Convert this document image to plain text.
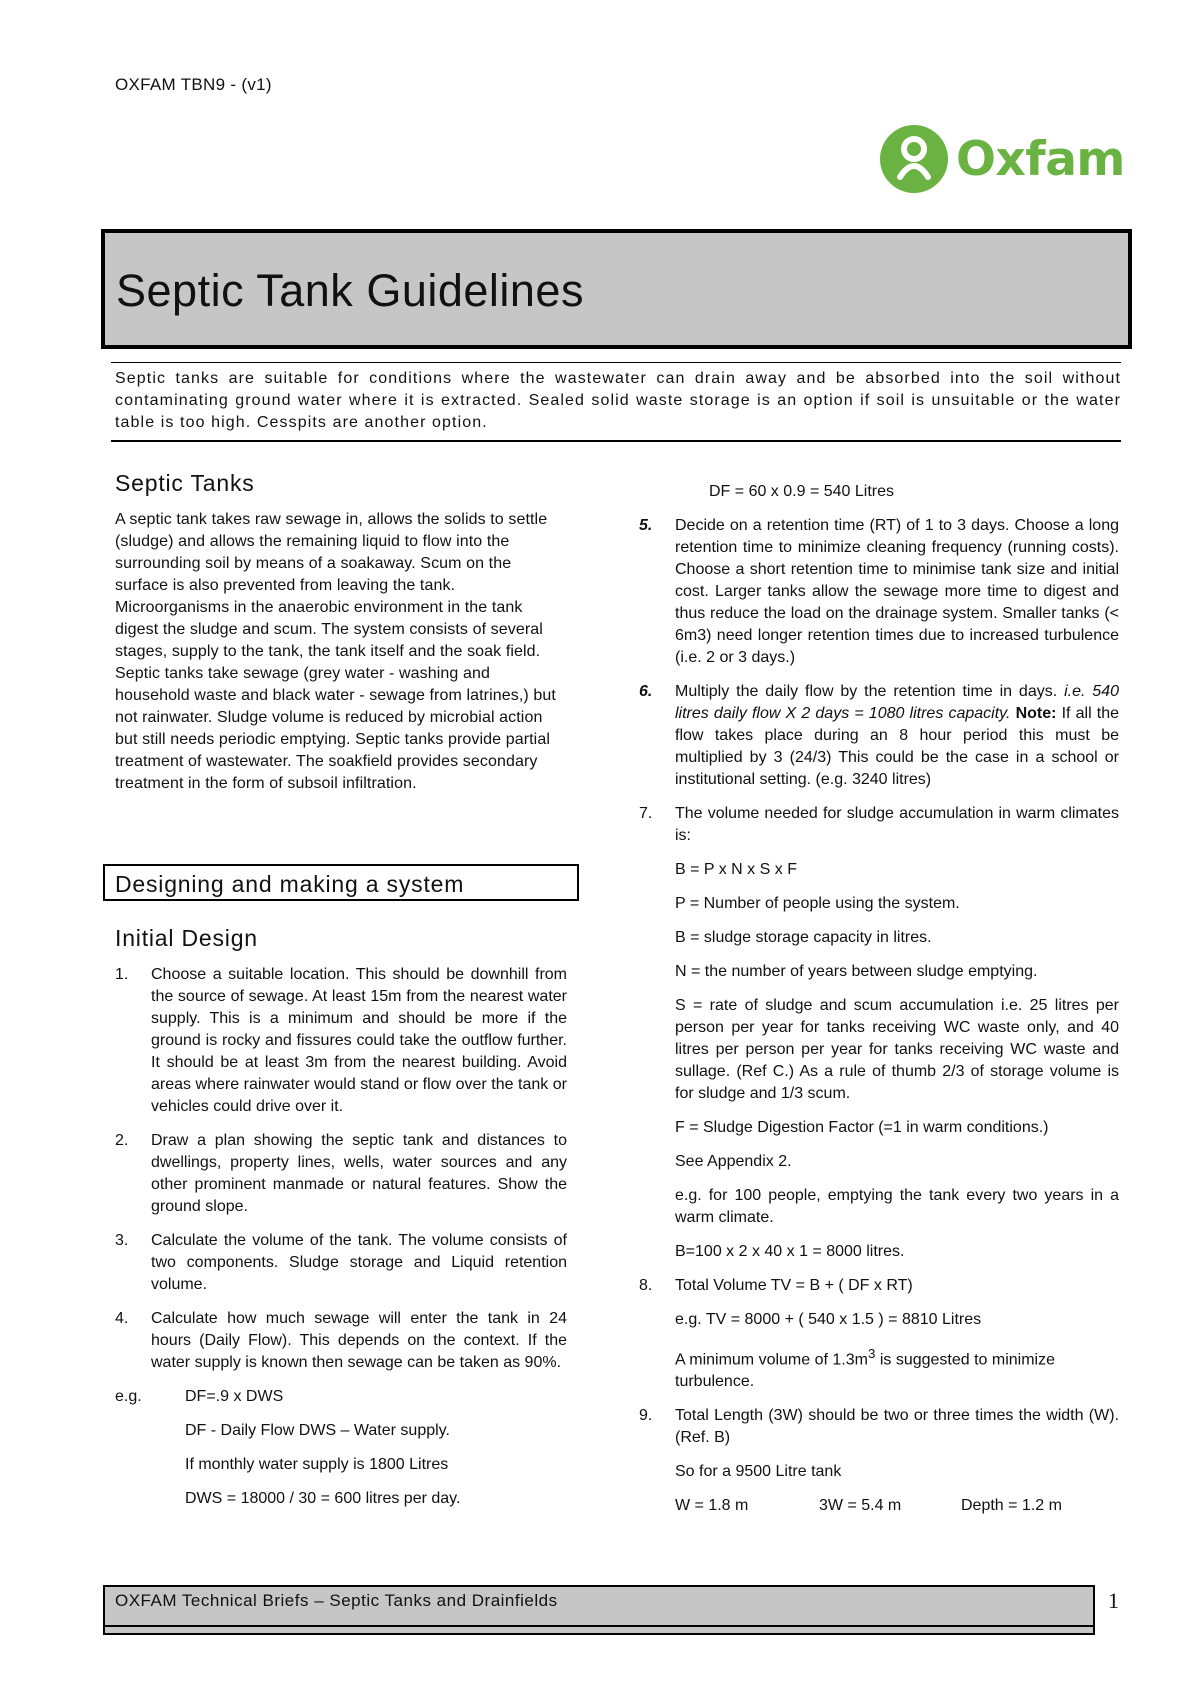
OXFAM TBN9 - (v1)
Oxfam
Septic Tank Guidelines
Septic tanks are suitable for conditions where the wastewater can drain away and be absorbed into the soil without contaminating ground water where it is extracted. Sealed solid waste storage is an option if soil is unsuitable or the water table is too high. Cesspits are another option.
Septic Tanks
A septic tank takes raw sewage in, allows the solids to settle (sludge) and allows the remaining liquid to flow into the surrounding soil by means of a soakaway. Scum on the surface is also prevented from leaving the tank. Microorganisms in the anaerobic environment in the tank digest the sludge and scum. The system consists of several stages, supply to the tank, the tank itself and the soak field. Septic tanks take sewage (grey water - washing and household waste and black water - sewage from latrines,) but not rainwater. Sludge volume is reduced by microbial action but still needs periodic emptying. Septic tanks provide partial treatment of wastewater. The soakfield provides secondary treatment in the form of subsoil infiltration.
Designing and making a system
Initial Design
1.	Choose a suitable location. This should be downhill from the source of sewage. At least 15m from the nearest water supply. This is a minimum and should be more if the ground is rocky and fissures could take the outflow further. It should be at least 3m from the nearest building. Avoid areas where rainwater would stand or flow over the tank or vehicles could drive over it.
2.	Draw a plan showing the septic tank and distances to dwellings, property lines, wells, water sources and any other prominent manmade or natural features. Show the ground slope.
3.	Calculate the volume of the tank. The volume consists of two components. Sludge storage and Liquid retention volume.
4.	Calculate how much sewage will enter the tank in 24 hours (Daily Flow). This depends on the context. If the water supply is known then sewage can be taken as 90%.
e.g.	DF=.9 x DWS
DF - Daily Flow DWS – Water supply.
If monthly water supply is 1800 Litres
DWS = 18000 / 30 = 600 litres per day.
DF = 60 x 0.9 = 540 Litres
5.	Decide on a retention time (RT) of 1 to 3 days. Choose a long retention time to minimize cleaning frequency (running costs). Choose a short retention time to minimise tank size and initial cost. Larger tanks allow the sewage more time to digest and thus reduce the load on the drainage system. Smaller tanks (< 6m3) need longer retention times due to increased turbulence (i.e. 2 or 3 days.)
6.	Multiply the daily flow by the retention time in days. i.e. 540 litres daily flow X 2 days = 1080 litres capacity. Note: If all the flow takes place during an 8 hour period this must be multiplied by 3 (24/3) This could be the case in a school or institutional setting. (e.g. 3240 litres)
7.	The volume needed for sludge accumulation in warm climates is:
B = P x N x S x F
P = Number of people using the system.
B = sludge storage capacity in litres.
N = the number of years between sludge emptying.
S = rate of sludge and scum accumulation i.e. 25 litres per person per year for tanks receiving WC waste only, and 40 litres per person per year for tanks receiving WC waste and sullage. (Ref C.) As a rule of thumb 2/3 of storage volume is for sludge and 1/3 scum.
F = Sludge Digestion Factor (=1 in warm conditions.)
See Appendix 2.
e.g. for 100 people, emptying the tank every two years in a warm climate.
B=100 x 2 x 40 x 1 = 8000 litres.
8.	Total Volume TV = B + ( DF x RT)
e.g. TV = 8000 + ( 540 x 1.5 ) = 8810 Litres
A minimum volume of $1.3m^3$ is suggested to minimize turbulence.
9.	Total Length (3W) should be two or three times the width (W). (Ref. B)
So for a 9500 Litre tank
W = 1.8 m	3W = 5.4 m	Depth = 1.2 m
OXFAM Technical Briefs – Septic Tanks and Drainfields	1
